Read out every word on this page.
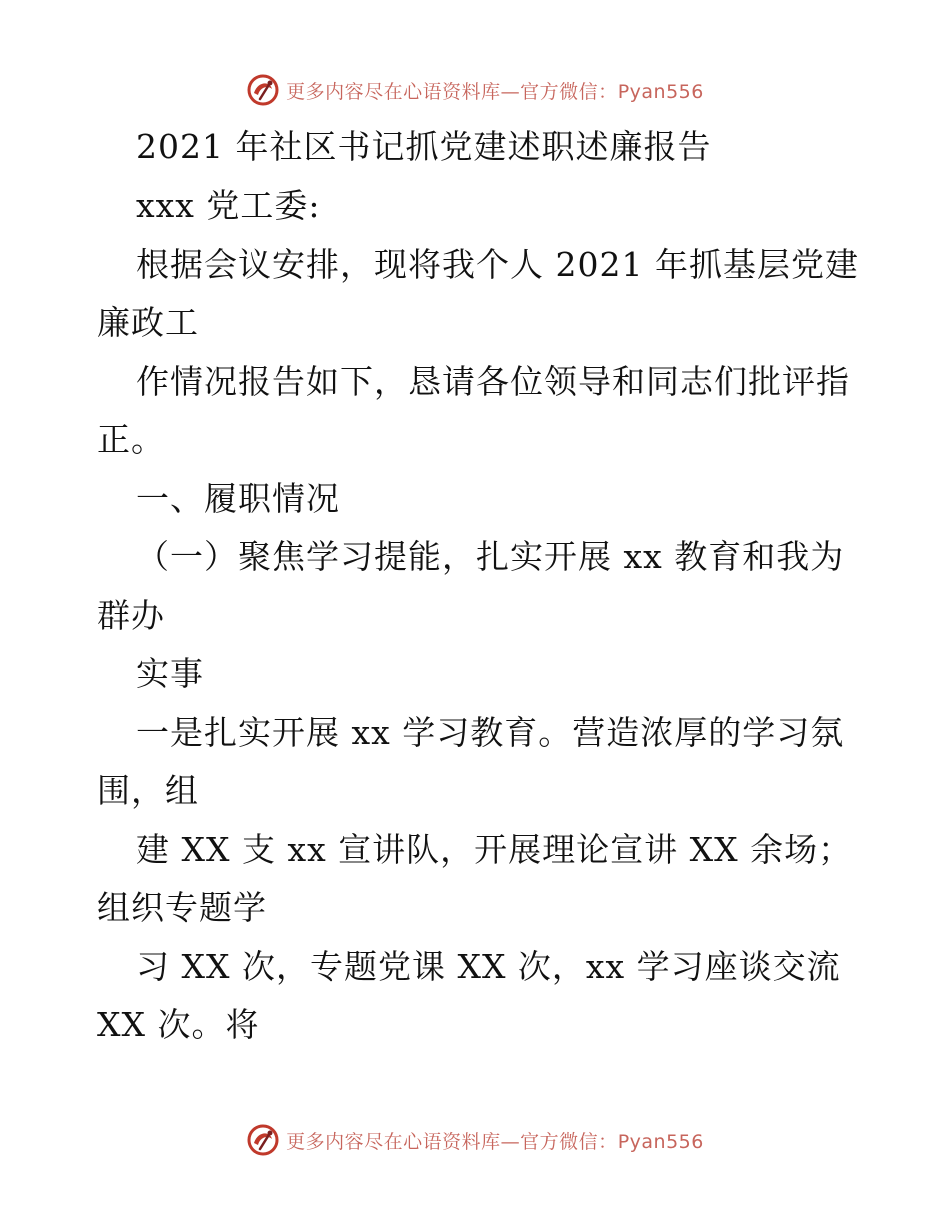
更多内容尽在心语资料库—官方微信：Pyan556
2021 年社区书记抓党建述职述廉报告
xxx 党工委:
根据会议安排，现将我个人 2021 年抓基层党建
廉政工
作情况报告如下，恳请各位领导和同志们批评指
正。
一、履职情况
（一）聚焦学习提能，扎实开展 xx 教育和我为
群办
实事
一是扎实开展 xx 学习教育。营造浓厚的学习氛
围，组
建 XX 支 xx 宣讲队，开展理论宣讲 XX 余场；
组织专题学
习 XX 次，专题党课 XX 次，xx 学习座谈交流
XX 次。将
更多内容尽在心语资料库—官方微信：Pyan556
